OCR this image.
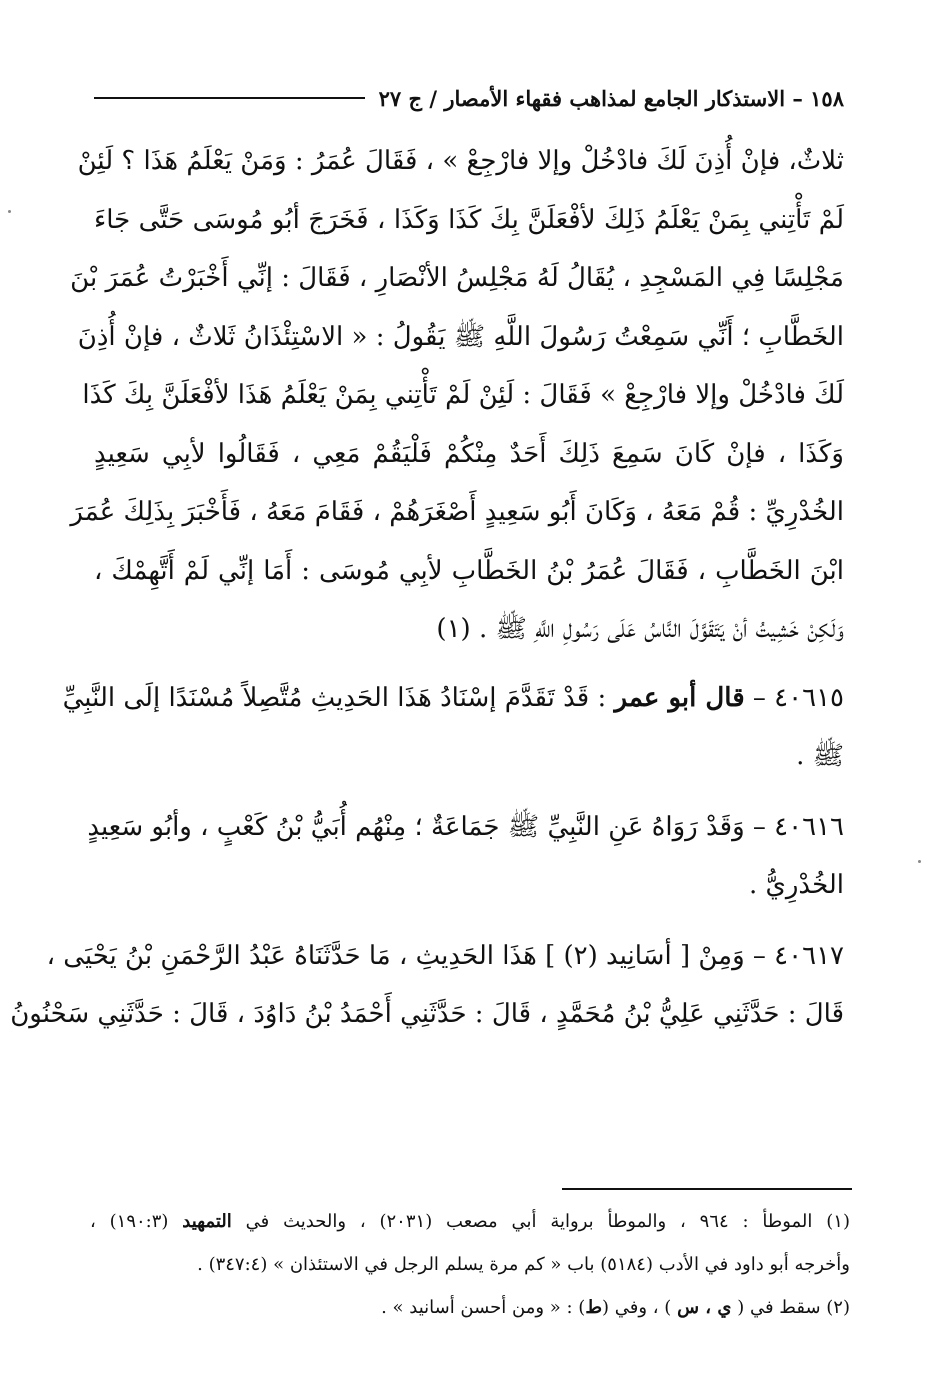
١٥٨ – الاستذكار الجامع لمذاهب فقهاء الأمصار / ج ٢٧
ثلاثٌ، فإنْ أُذِنَ لَكَ فادْخُلْ وإلا فارْجِعْ » ، فَقَالَ عُمَرُ : وَمَنْ يَعْلَمُ هَذَا ؟ لَئِنْ
لَمْ تَأْتِني بِمَنْ يَعْلَمُ ذَلِكَ لأفْعَلَنَّ بِكَ كَذَا وَكَذَا ، فَخَرَجَ أبُو مُوسَى حَتَّى جَاءَ
مَجْلِسًا فِي المَسْجِدِ ، يُقَالُ لَهُ مَجْلِسُ الأنْصَارِ ، فَقَالَ : إنِّي أَخْبَرْتُ عُمَرَ بْنَ
الخَطَّابِ ؛ أَنِّي سَمِعْتُ رَسُولَ اللَّهِ ﷺ يَقُولُ : « الاسْتِئْذَانُ ثَلاثٌ ، فإنْ أُذِنَ
لَكَ فادْخُلْ وإلا فارْجِعْ » فَقَالَ : لَئِنْ لَمْ تَأْتِني بِمَنْ يَعْلَمُ هَذَا لأفْعَلَنَّ بِكَ كَذَا
وَكَذَا ، فإنْ كَانَ سَمِعَ ذَلِكَ أَحَدٌ مِنْكُمْ فَلْيَقُمْ مَعِي ، فَقَالُوا لأبِي سَعِيدٍ
الخُدْرِيِّ : قُمْ مَعَهُ ، وَكَانَ أَبُو سَعِيدٍ أَصْغَرَهُمْ ، فَقَامَ مَعَهُ ، فَأَخْبَرَ بِذَلِكَ عُمَرَ
ابْنَ الخَطَّابِ ، فَقَالَ عُمَرُ بْنُ الخَطَّابِ لأبِي مُوسَى : أَمَا إنِّي لَمْ أَتَّهِمْكَ ،
وَلَكِنْ خَشِيتُ أنْ يَتَقَوَّلَ النَّاسُ عَلَى رَسُولِ اللَّهِ ﷺ . (١)
٤٠٦١٥ – قال أبو عمر : قَدْ تَقَدَّمَ إسْنَادُ هَذَا الحَدِيثِ مُتَّصِلاً مُسْنَدًا إلَى النَّبِيِّ
ﷺ .
٤٠٦١٦ – وَقَدْ رَوَاهُ عَنِ النَّبِيِّ ﷺ جَمَاعَةٌ ؛ مِنْهُم أُبَيُّ بْنُ كَعْبٍ ، وأبُو سَعِيدٍ
الخُدْرِيُّ .
٤٠٦١٧ – وَمِنْ [ أسَانِيد (٢) ] هَذَا الحَدِيثِ ، مَا حَدَّثَنَاهُ عَبْدُ الرَّحْمَنِ بْنُ يَحْيَى ،
قَالَ : حَدَّثَنِي عَلِيُّ بْنُ مُحَمَّدٍ ، قَالَ : حَدَّثَنِي أَحْمَدُ بْنُ دَاوُدَ ، قَالَ : حَدَّثَنِي سَحْنُونُ
(١) الموطأ : ٩٦٤ ، والموطأ برواية أبي مصعب (٢٠٣١) ، والحديث في التمهيد (١٩٠:٣) ،
وأخرجه أبو داود في الأدب (٥١٨٤) باب « كم مرة يسلم الرجل في الاستئذان » (٣٤٧:٤) .
(٢) سقط في ( ي ، س ) ، وفي (ط) : « ومن أحسن أسانيد » .
